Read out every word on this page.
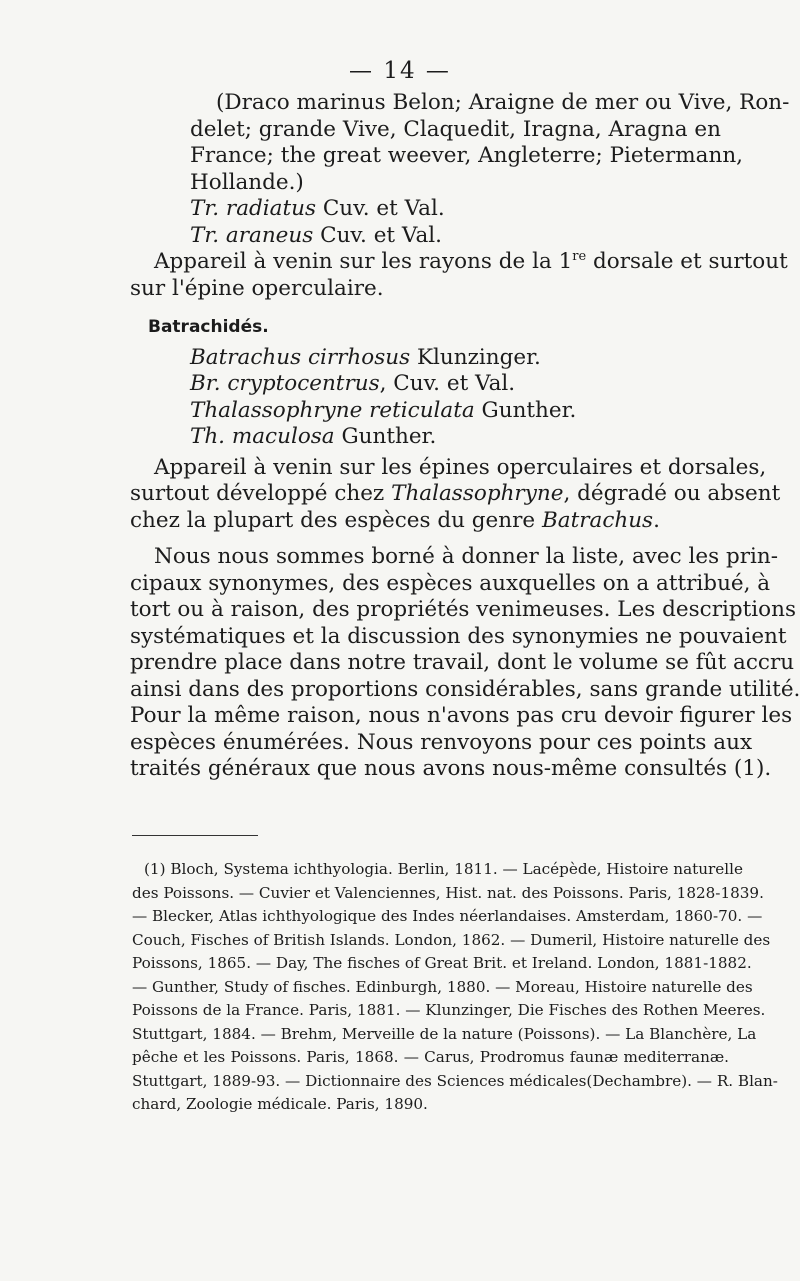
— 14 —
(Draco marinus Belon; Araigne de mer ou Vive, Ron-
delet; grande Vive, Claquedit, Iragna, Aragna en
France; the great weever, Angleterre; Pietermann,
Hollande.)
Tr. radiatus Cuv. et Val.
Tr. araneus Cuv. et Val.
Appareil à venin sur les rayons de la 1re dorsale et surtout
sur l'épine operculaire.
Batrachidés.
Batrachus cirrhosus Klunzinger.
Br. cryptocentrus, Cuv. et Val.
Thalassophryne reticulata Gunther.
Th. maculosa Gunther.
Appareil à venin sur les épines operculaires et dorsales,
surtout développé chez Thalassophryne, dégradé ou absent
chez la plupart des espèces du genre Batrachus.
Nous nous sommes borné à donner la liste, avec les prin-
cipaux synonymes, des espèces auxquelles on a attribué, à
tort ou à raison, des propriétés venimeuses. Les descriptions
systématiques et la discussion des synonymies ne pouvaient
prendre place dans notre travail, dont le volume se fût accru
ainsi dans des proportions considérables, sans grande utilité.
Pour la même raison, nous n'avons pas cru devoir figurer les
espèces énumérées. Nous renvoyons pour ces points aux
traités généraux que nous avons nous-même consultés (1).
(1) Bloch, Systema ichthyologia. Berlin, 1811. — Lacépède, Histoire naturelle
des Poissons. — Cuvier et Valenciennes, Hist. nat. des Poissons. Paris, 1828-1839.
— Blecker, Atlas ichthyologique des Indes néerlandaises. Amsterdam, 1860-70. —
Couch, Fisches of British Islands. London, 1862. — Dumeril, Histoire naturelle des
Poissons, 1865. — Day, The fisches of Great Brit. et Ireland. London, 1881-1882.
— Gunther, Study of fisches. Edinburgh, 1880. — Moreau, Histoire naturelle des
Poissons de la France. Paris, 1881. — Klunzinger, Die Fisches des Rothen Meeres.
Stuttgart, 1884. — Brehm, Merveille de la nature (Poissons). — La Blanchère, La
pêche et les Poissons. Paris, 1868. — Carus, Prodromus faunæ mediterranæ.
Stuttgart, 1889-93. — Dictionnaire des Sciences médicales(Dechambre). — R. Blan-
chard, Zoologie médicale. Paris, 1890.
